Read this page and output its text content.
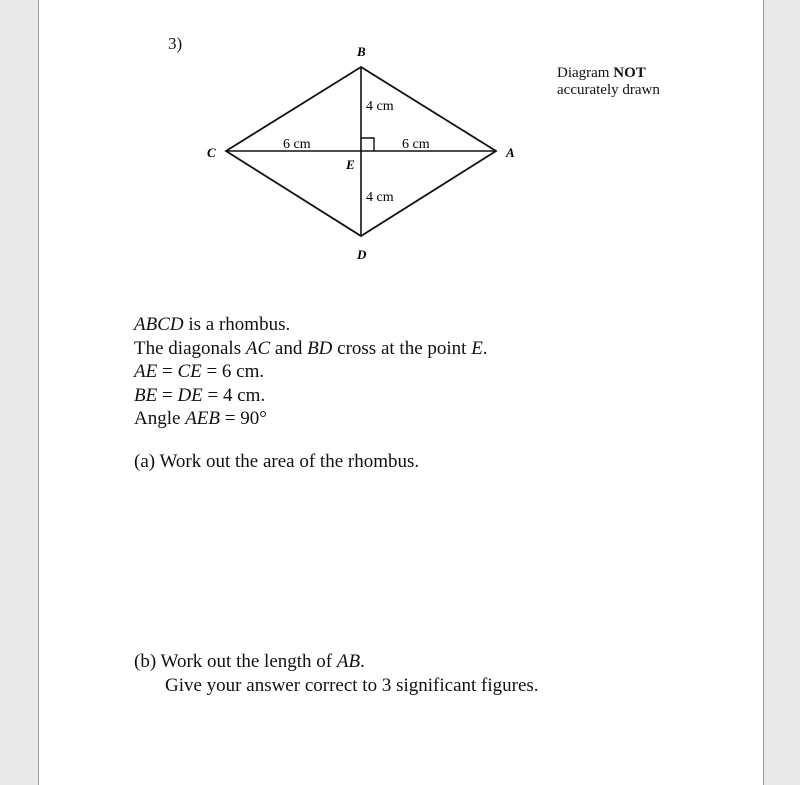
3)
Diagram NOT
accurately drawn
B
C	A
D
E
4 cm
6 cm	6 cm
4 cm

ABCD is a rhombus.

The diagonals AC and BD cross at the point E.

AE = CE = 6 cm.

BE = DE = 4 cm.

Angle AEB = 90°

(a) Work out the area of the rhombus.
(b) Work out the length of AB.
Give your answer correct to 3 significant figures.
